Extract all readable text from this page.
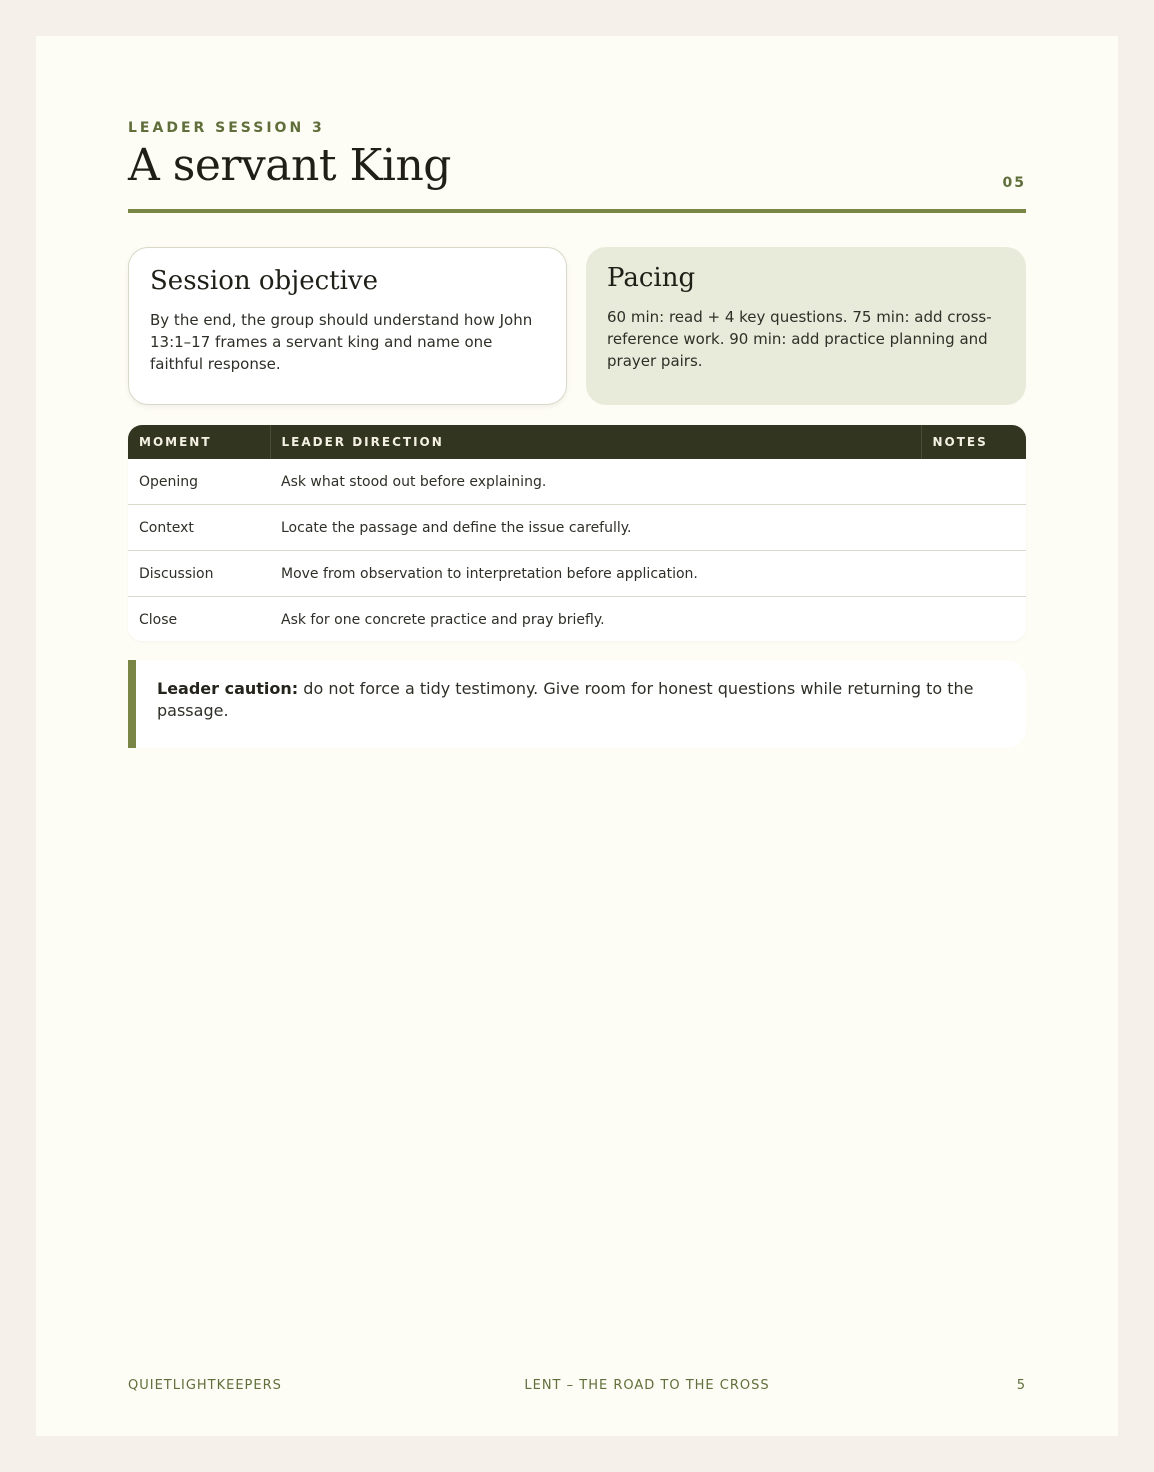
LEADER SESSION 3
A servant King	05
Session objective

By the end, the group should understand how John 13:1–17 frames a servant king and name one faithful response.

Pacing

60 min: read + 4 key questions. 75 min: add cross-reference work. 90 min: add practice planning and prayer pairs.

MOMENT	LEADER DIRECTION	NOTES
Opening	Ask what stood out before explaining.	
Context	Locate the passage and define the issue carefully.	
Discussion	Move from observation to interpretation before application.	
Close	Ask for one concrete practice and pray briefly.	
Leader caution: do not force a tidy testimony. Give room for honest questions while returning to the passage.
QUIETLIGHTKEEPERS	LENT – THE ROAD TO THE CROSS	5
